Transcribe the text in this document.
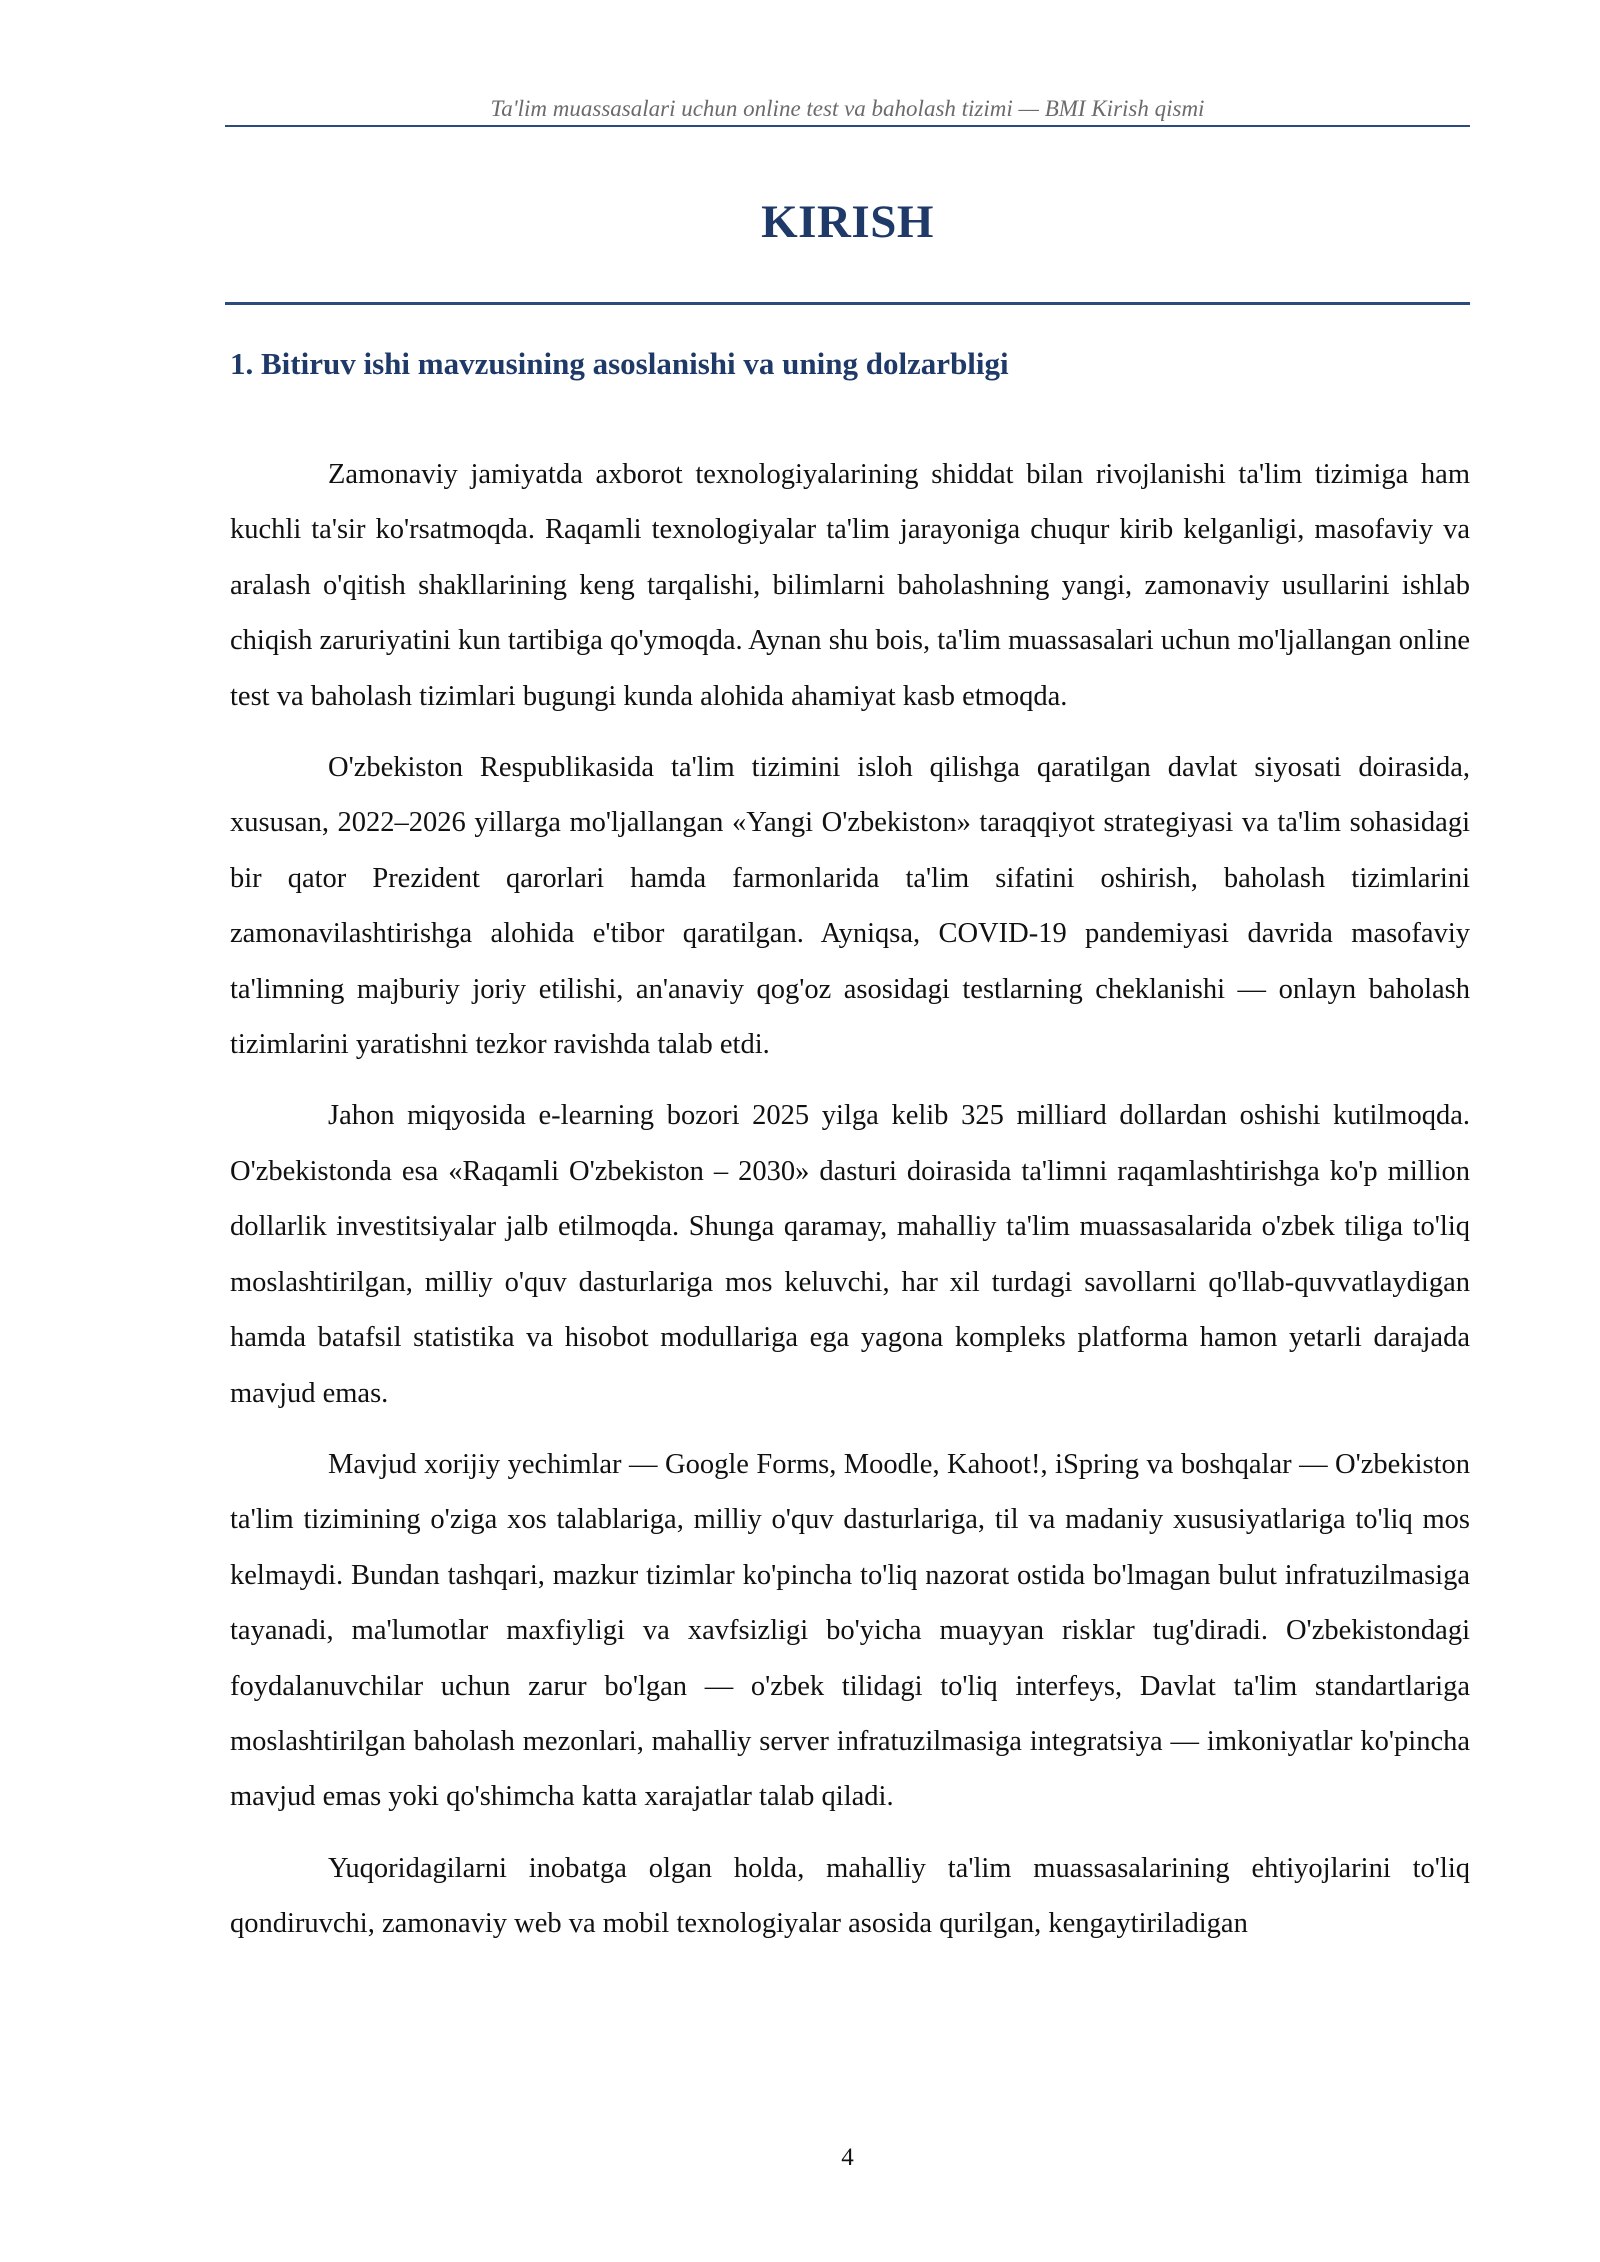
Ta'lim muassasalari uchun online test va baholash tizimi — BMI Kirish qismi
KIRISH
1. Bitiruv ishi mavzusining asoslanishi va uning dolzarbligi

Zamonaviy jamiyatda axborot texnologiyalarining shiddat bilan rivojlanishi ta'lim tizimiga ham kuchli ta'sir ko'rsatmoqda. Raqamli texnologiyalar ta'lim jarayoniga chuqur kirib kelganligi, masofaviy va aralash o'qitish shakllarining keng tarqalishi, bilimlarni baholashning yangi, zamonaviy usullarini ishlab chiqish zaruriyatini kun tartibiga qo'ymoqda. Aynan shu bois, ta'lim muassasalari uchun mo'ljallangan online test va baholash tizimlari bugungi kunda alohida ahamiyat kasb etmoqda.

O'zbekiston Respublikasida ta'lim tizimini isloh qilishga qaratilgan davlat siyosati doirasida, xususan, 2022–2026 yillarga mo'ljallangan «Yangi O'zbekiston» taraqqiyot strategiyasi va ta'lim sohasidagi bir qator Prezident qarorlari hamda farmonlarida ta'lim sifatini oshirish, baholash tizimlarini zamonavilashtirishga alohida e'tibor qaratilgan. Ayniqsa, COVID-19 pandemiyasi davrida masofaviy ta'limning majburiy joriy etilishi, an'anaviy qog'oz asosidagi testlarning cheklanishi — onlayn baholash tizimlarini yaratishni tezkor ravishda talab etdi.

Jahon miqyosida e-learning bozori 2025 yilga kelib 325 milliard dollardan oshishi kutilmoqda. O'zbekistonda esa «Raqamli O'zbekiston – 2030» dasturi doirasida ta'limni raqamlashtirishga ko'p million dollarlik investitsiyalar jalb etilmoqda. Shunga qaramay, mahalliy ta'lim muassasalarida o'zbek tiliga to'liq moslashtirilgan, milliy o'quv dasturlariga mos keluvchi, har xil turdagi savollarni qo'llab-quvvatlaydigan hamda batafsil statistika va hisobot modullariga ega yagona kompleks platforma hamon yetarli darajada mavjud emas.

Mavjud xorijiy yechimlar — Google Forms, Moodle, Kahoot!, iSpring va boshqalar — O'zbekiston ta'lim tizimining o'ziga xos talablariga, milliy o'quv dasturlariga, til va madaniy xususiyatlariga to'liq mos kelmaydi. Bundan tashqari, mazkur tizimlar ko'pincha to'liq nazorat ostida bo'lmagan bulut infratuzilmasiga tayanadi, ma'lumotlar maxfiyligi va xavfsizligi bo'yicha muayyan risklar tug'diradi. O'zbekistondagi foydalanuvchilar uchun zarur bo'lgan — o'zbek tilidagi to'liq interfeys, Davlat ta'lim standartlariga moslashtirilgan baholash mezonlari, mahalliy server infratuzilmasiga integratsiya — imkoniyatlar ko'pincha mavjud emas yoki qo'shimcha katta xarajatlar talab qiladi.

Yuqoridagilarni inobatga olgan holda, mahalliy ta'lim muassasalarining ehtiyojlarini to'liq qondiruvchi, zamonaviy web va mobil texnologiyalar asosida qurilgan, kengaytiriladigan

4
